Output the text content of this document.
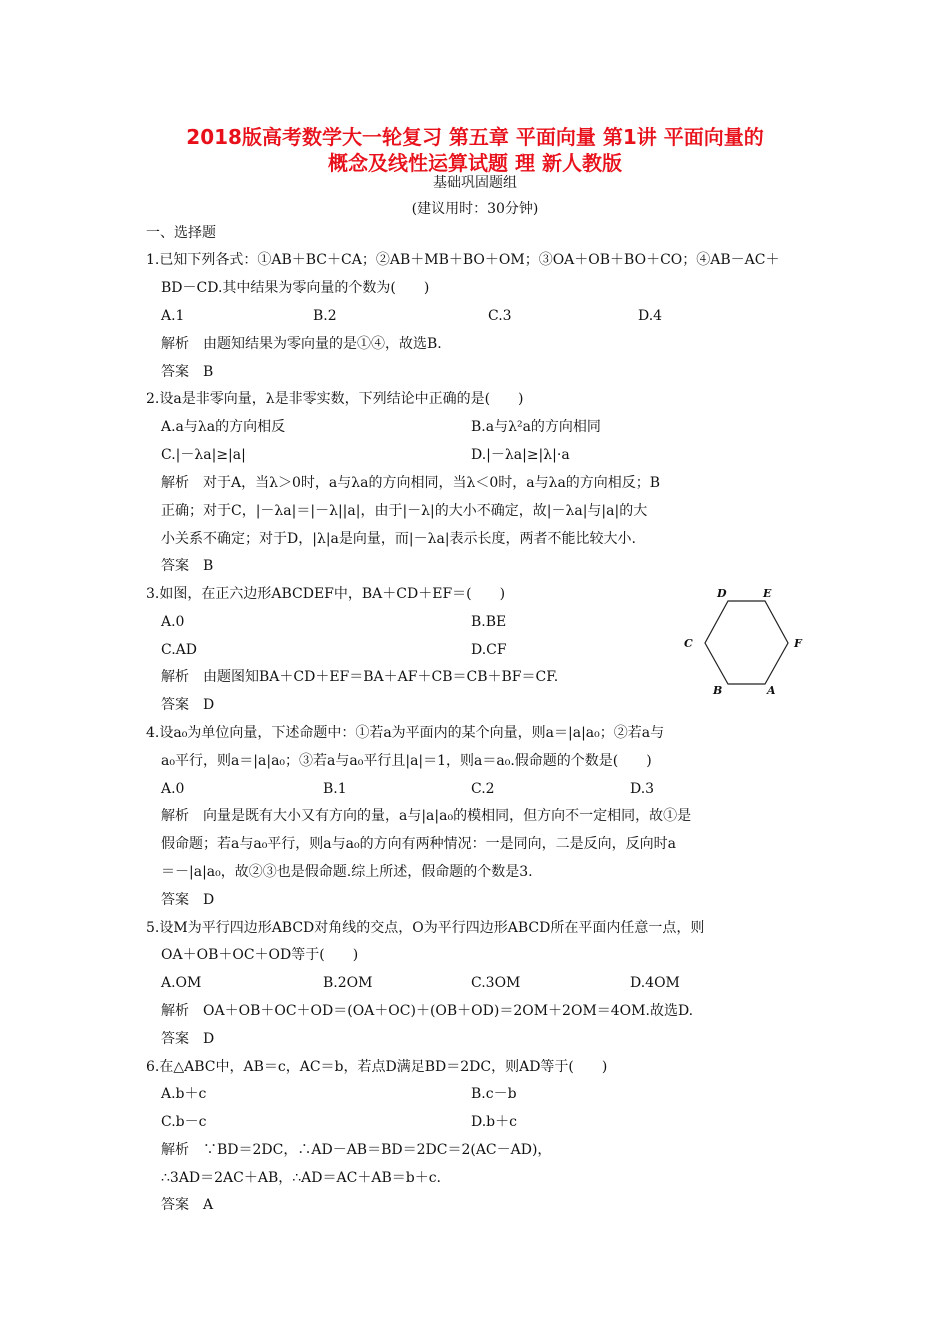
2018版高考数学大一轮复习 第五章 平面向量 第1讲 平面向量的
概念及线性运算试题 理 新人教版
基础巩固题组
(建议用时：30分钟)
一、选择题
1.已知下列各式：①AB＋BC＋CA；②AB＋MB＋BO＋OM；③OA＋OB＋BO＋CO；④AB－AC＋
BD－CD.其中结果为零向量的个数为(　　)
A.1	B.2	C.3	D.4
解析　由题知结果为零向量的是①④，故选B.
答案　B
2.设a是非零向量，λ是非零实数，下列结论中正确的是(　　)
A.a与λa的方向相反	B.a与λ²a的方向相同
C.|－λa|≥|a|	D.|－λa|≥|λ|·a
解析　对于A，当λ＞0时，a与λa的方向相同，当λ＜0时，a与λa的方向相反；B
正确；对于C，|－λa|＝|－λ||a|，由于|－λ|的大小不确定，故|－λa|与|a|的大
小关系不确定；对于D，|λ|a是向量，而|－λa|表示长度，两者不能比较大小.
答案　B
3.如图，在正六边形ABCDEF中，BA＋CD＋EF＝(　　)
A.0	B.BE
C.AD	D.CF
解析　由题图知BA＋CD＋EF＝BA＋AF＋CB＝CB＋BF＝CF.
答案　D
D	E
C	F
B	A
4.设a₀为单位向量，下述命题中：①若a为平面内的某个向量，则a＝|a|a₀；②若a与
a₀平行，则a＝|a|a₀；③若a与a₀平行且|a|＝1，则a＝a₀.假命题的个数是(　　)
A.0	B.1	C.2	D.3
解析　向量是既有大小又有方向的量，a与|a|a₀的模相同，但方向不一定相同，故①是
假命题；若a与a₀平行，则a与a₀的方向有两种情况：一是同向，二是反向，反向时a
＝－|a|a₀，故②③也是假命题.综上所述，假命题的个数是3.
答案　D
5.设M为平行四边形ABCD对角线的交点，O为平行四边形ABCD所在平面内任意一点，则
OA＋OB＋OC＋OD等于(　　)
A.OM	B.2OM	C.3OM	D.4OM
解析　OA＋OB＋OC＋OD＝(OA＋OC)＋(OB＋OD)＝2OM＋2OM＝4OM.故选D.
答案　D
6.在△ABC中，AB＝c，AC＝b，若点D满足BD＝2DC，则AD等于(　　)
A.b＋c	B.c－b
C.b－c	D.b＋c
解析　∵BD＝2DC，∴AD－AB＝BD＝2DC＝2(AC－AD)，
∴3AD＝2AC＋AB，∴AD＝AC＋AB＝b＋c.
答案　A
